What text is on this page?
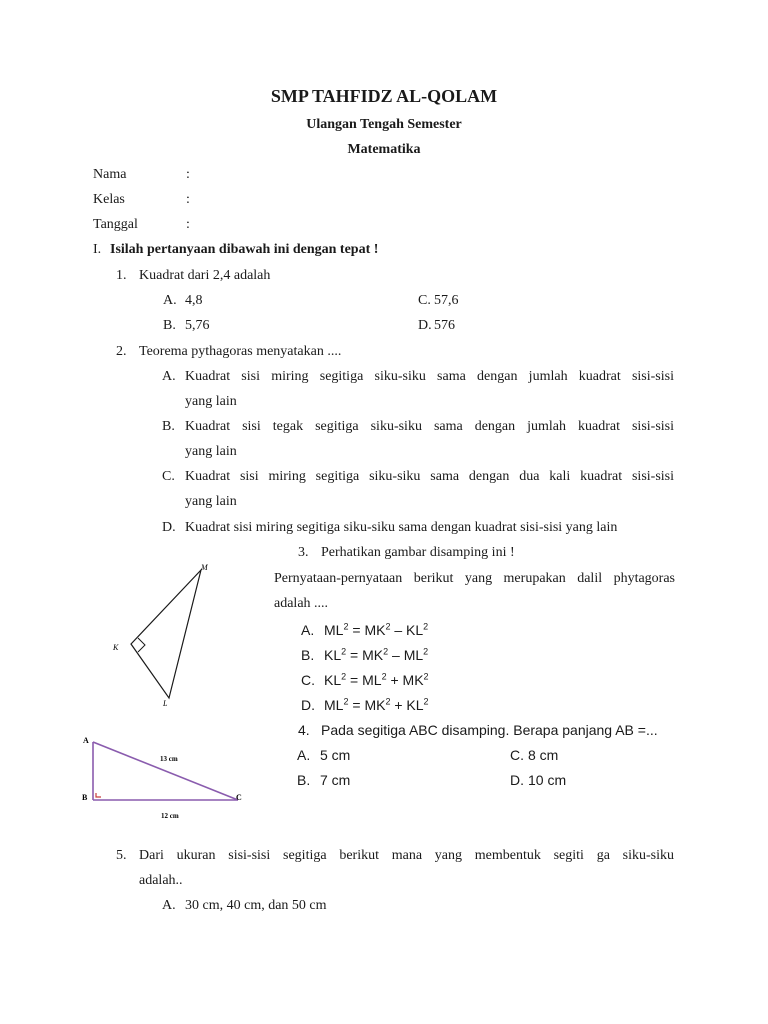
SMP TAHFIDZ AL-QOLAM
Ulangan Tengah Semester
Matematika
Nama	:
Kelas	:
Tanggal	:
I. Isilah pertanyaan dibawah ini dengan tepat !
1. Kuadrat dari 2,4 adalah
A. 4,8
B. 5,76
C. 57,6
D. 576
2. Teorema pythagoras menyatakan ....
A. Kuadrat sisi miring segitiga siku-siku sama dengan jumlah kuadrat sisi-sisi
yang lain
B. Kuadrat sisi tegak segitiga siku-siku sama dengan jumlah kuadrat sisi-sisi
yang lain
C. Kuadrat sisi miring segitiga siku-siku sama dengan dua kali kuadrat sisi-sisi
yang lain
D. Kuadrat sisi miring segitiga siku-siku sama dengan kuadrat sisi-sisi yang lain
M
K
L
3. Perhatikan gambar disamping ini !
Pernyataan-pernyataan berikut yang merupakan dalil phytagoras
adalah ....
A. $ML^2 = MK^2 - KL^2$
B. $KL^2 = MK^2 - ML^2$
C. $KL^2 = ML^2 + MK^2$
D. $ML^2 = MK^2 + KL^2$
A
B	C
13 cm
12 cm
4. Pada segitiga ABC disamping. Berapa panjang AB =...
A. 5 cm
B. 7 cm
C. 8 cm
D. 10 cm
5. Dari ukuran sisi-sisi segitiga berikut mana yang membentuk segiti ga siku-siku
adalah..
A. 30 cm, 40 cm, dan 50 cm
